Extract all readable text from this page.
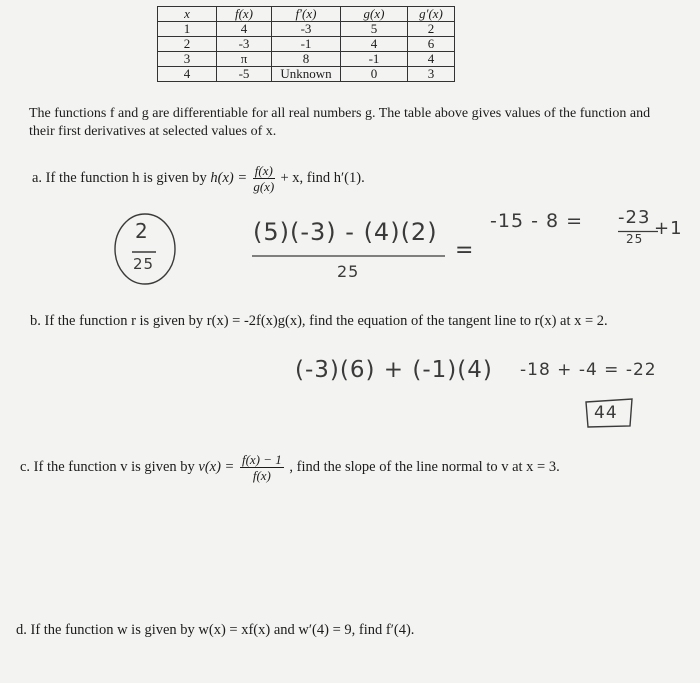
x	f(x)	f′(x)	g(x)	g′(x)
1	4	-3	5	2
2	-3	-1	4	6
3	π	8	-1	4
4	-5	Unknown	0	3
The functions f and g are differentiable for all real numbers g. The table above gives values of the function and
their first derivatives at selected values of x.
a. If the function h is given by $h(x) = \frac{f(x)}{g(x)} + x$, find h′(1).
2
25
(5)(-3) - (4)(2)
25
=
-15 - 8 = -23
25 +1
b. If the function r is given by r(x) = -2f(x)g(x), find the equation of the tangent line to r(x) at x = 2.
(-3)(6) + (-1)(4) -18 + -4 = -22
44
c. If the function v is given by $v(x) = \frac{f(x) - 1}{f(x)}$ , find the slope of the line normal to v at x = 3.
d. If the function w is given by w(x) = xf(x) and w′(4) = 9, find f′(4).
